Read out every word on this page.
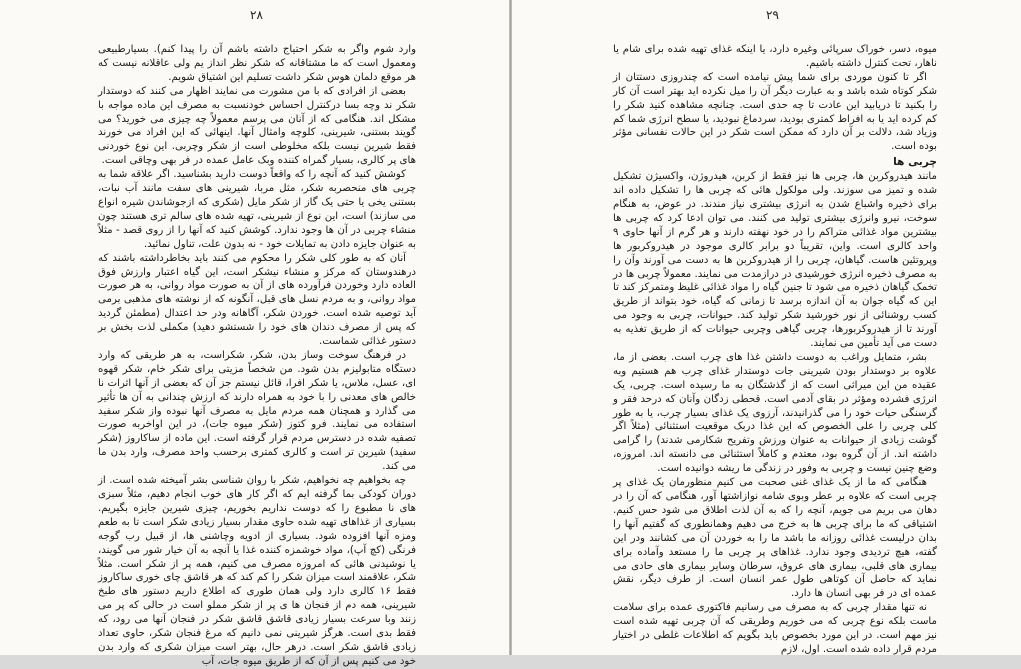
۲۸

وارد شوم واگر به شکر احتیاج داشته باشم آن را پیدا کنم). بسیارطبیعی ومعمول است که ما مشتاقانه که شکر نظر انداز یم ولی عاقلانه نیست که هر موقع دلمان هوس شکر داشت تسلیم این اشتیاق شویم.

بعضی از افرادی که با من مشورت می نمایند اظهار می کنند که دوستدار شکر ند وچه بسا درکنترل احساس خودنسبت به مصرف این ماده مواجه با مشکل اند. هنگامی که از آنان می پرسم معمولاً چه چیزی می خورید؟ می گویند بستنی، شیرینی، کلوچه وامثال آنها. اینهائی که این افراد می خورند فقط شیرین نیست بلکه مخلوطی است از شکر وچربی. این نوع خوردنی های پر کالری، بسیار گمراه کننده وبک عامل عمده در فر بهی وچاقی است.

کوشش کنید که آنچه را که واقعاً دوست دارید بشناسید. اگر علاقه شما به چربی های منحصربه شکر، مثل مربا، شیرینی های سفت مانند آب نبات، بستنی یخی یا حتی یک گاز از شکر مایل (شکری که ازجوشاندن شیره انواع می سازند) است، این نوع از شیرینی، تهیه شده های سالم تری هستند چون منشاء چربی در آن ها وجود ندارد. کوشش کنید که آنها را از روی قصد - مثلاً به عنوان جایزه دادن به تمایلات خود - نه بدون علت، تناول نمائید.

آنان که به طور کلی شکر را محکوم می کنند باید بخاطرداشته باشند که درهندوستان که مرکز و منشاء نیشکر است، این گیاه اعتبار وارزش فوق العاده دارد وخوردن فرآورده های از آن به صورت مواد روانی، به هر صورت مواد روانی، و به مردم نسل های قبل، آنگونه که از نوشته های مذهبی برمی آید توصیه شده است. خوردن شکر، آگاهانه ودر حد اعتدال (مطمئن گردید که پس از مصرف دندان های خود را شستشو دهید) مکملی لذت بخش بر دستور غذائی شماست.

در فرهنگ سوخت وساز بدن، شکر، شکراست، به هر طریقی که وارد دستگاه متابولیزم بدن شود. من شخصاً مزیتی برای شکر خام، شکر قهوه ای، عسل، ملاس، یا شکر افرا، قائل نیستم جز آن که بعضی از آنها اثرات نا خالص های معدنی را با خود به همراه دارند که ارزش چندانی به آن ها تأثیر می گذارد و همچنان همه مردم مایل به مصرف آنها نبوده واز شکر سفید استفاده می نمایند. فرو کتوز (شکر میوه جات)، در این اواخربه صورت تصفیه شده در دسترس مردم قرار گرفته است. این ماده از ساکاروز (شکر سفید) شیرین تر است و کالری کمتری برحسب واحد مصرف، وارد بدن ما می کند.

چه بخواهیم چه نخواهیم، شکر با روان شناسی بشر آمیخته شده است. از دوران کودکی بما گرفته ایم که اگر کار های خوب انجام دهیم، مثلاً سبزی های نا مطبوع را که دوست نداریم بخوریم، چیزی شیرین جایزه بگیریم. بسیاری از غذاهای تهیه شده حاوی مقدار بسیار زیادی شکر است تا به طعم ومزه آنها افزوده شود. بسیاری از ادویه وچاشنی ها، از قبیل رب گوجه فرنگی (کچ آپ)، مواد خوشمزه کننده غذا یا آنچه به آن خیار شور می گویند، یا نوشیدنی هائی که امروزه مصرف می کنیم، همه پر از شکر است. مثلاً شکر، علاقمند است میزان شکر را کم کند که هر قاشق چای خوری ساکاروز فقط ۱۶ کالری دارد ولی همان طوری که اطلاع داریم دستور های طبخ شیرینی، همه دم از فنجان ها ی پر از شکر مملو است در حالی که پر می زنند وبا سرعت بسیار زیادی قاشق قاشق شکر در فنجان آنها می رود، که فقط بدی است. هرگز شیرینی نمی دانیم که مرغ فنجان شکر، حاوی تعداد زیادی قاشق شکر است. درهر حال، بهتر است میزان شکری که وارد بدن خود می کنیم پس از آن که از طریق میوه جات، آب

۲۹

میوه، دسر، خوراک سرپائی وغیره دارد، یا اینکه غذای تهیه شده برای شام یا ناهار، تحت کنترل داشته باشیم.

اگر تا کنون موردی برای شما پیش نیامده است که چندروزی دستتان از شکر کوتاه شده باشد و به عبارت دیگر آن را میل نکرده اید بهتر است آن کار را بکنید تا دریابید این عادت تا چه حدی است. چنانچه مشاهده کنید شکر را کم کرده اید یا به افراط کمتری بودید، سردماغ نبودید، یا سطح انرژی شما کم وزیاد شد، دلالت بر آن دارد که ممکن است شکر در این حالات نفسانی مؤثر بوده است.

چربی ها

مانند هیدروکربن ها، چربی ها نیز فقط از کربن، هیدروژن، واکسیژن تشکیل شده و تمیز می سوزند. ولی مولکول هائی که چربی ها را تشکیل داده اند برای ذخیره واشباع شدن به انرژی بیشتری نیاز مندند. در عوض، به هنگام سوخت، نیرو وانرژی بیشتری تولید می کنند. می توان ادعا کرد که چربی ها بیشترین مواد غذائی متراکم را در خود نهفته دارند و هر گرم از آنها حاوی ۹ واحد کالری است. واین، تقریباً دو برابر کالری موجود در هیدروکربور ها وپروتئین هاست. گیاهان، چربی را از هیدروکربن ها به دست می آورند وآن را به مصرف ذخیره انرژی خورشیدی در درازمدت می نمایند. معمولاً چربی ها در تخمک گیاهان ذخیره می شود تا جنین گیاه را مواد غذائی غلیظ ومتمرکز کند تا این که گیاه جوان به آن اندازه برسد تا زمانی که گیاه، خود بتواند از طریق کسب روشنائی از نور خورشید شکر تولید کند. حیوانات، چربی به وجود می آورند تا از هیدروکربورها، چربی گیاهی وچربی حیوانات که از طریق تغذیه به دست می آید تأمین می نمایند.

بشر، متمایل وراغب به دوست داشتن غذا های چرب است. بعضی از ما، علاوه بر دوستدار بودن شیرینی جات دوستدار غذای چرب هم هستیم وبه عقیده من این میراثی است که از گذشتگان به ما رسیده است. چربی، یک انرژی فشرده ومؤثر در بقای آدمی است. قحطی زدگان وآنان که درحد فقر و گرسنگی حیات خود را می گذرانیدند، آرزوی یک غذای بسیار چرب، یا به طور کلی چربی را علی الخصوص که این غذا دربک موقعیت استثنائی (مثلاً اگر گوشت زیادی از حیوانات به عنوان ورزش وتفریح شکارمی شدند) را گرامی داشته اند. از آن گروه بود، معتدم و کاملاً استثنائی می دانسته اند. امروزه، وضع چنین نیست و چربی به وفور در زندگی ما ریشه دوانیده است.

هنگامی که ما از یک غذای غنی صحبت می کنیم منظورمان یک غذای پر چربی است که علاوه بر عطر وبوی شامه نوازاشتها آور، هنگامی که آن را در دهان می بریم می جویم، آنچه را که به آن لذت اطلاق می شود حس کنیم. اشتیاقی که ما برای چربی ها به خرج می دهیم وهمانطوری که گفتیم آنها را بدان درلیست غذائی روزانه ما باشد ما را به خوردن آن می کشانند ودر این گفته، هیچ تردیدی وجود ندارد. غذاهای پر چربی ما را مستعد وآماده برای بیماری های قلبی، بیماری های عروق، سرطان وسایر بیماری های حادی می نماید که حاصل آن کوتاهی طول عمر انسان است. از طرف دیگر، نقش عمده ای در فر بهی انسان ها دارد.

نه تنها مقدار چربی که به مصرف می رسانیم فاکتوری عمده برای سلامت ماست بلکه نوع چربی که می خوریم وطریقی که آن چربی تهیه شده است نیز مهم است. در این مورد بخصوص باید بگویم که اطلاعات غلطی در اختیار مردم قرار داده شده است. اول، لازم
